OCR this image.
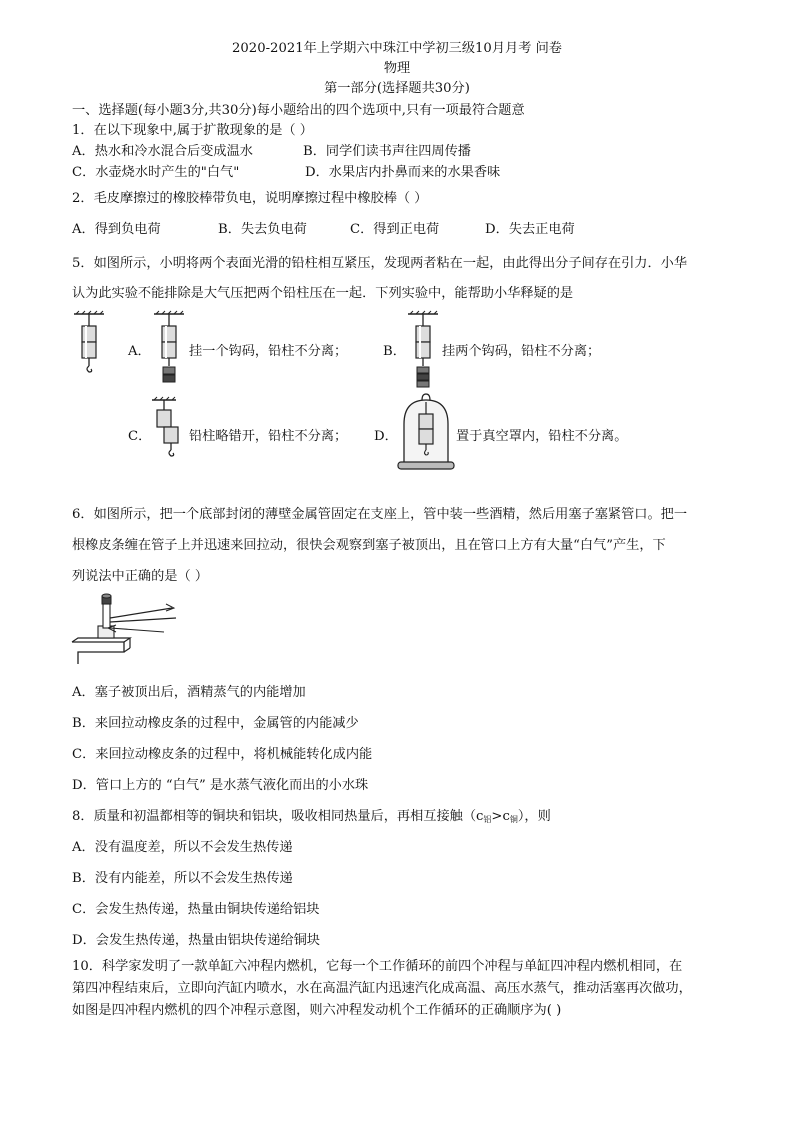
2020-2021年上学期六中珠江中学初三级10月月考 问卷
物理
第一部分(选择题共30分)
一、选择题(每小题3分,共30分)每小题给出的四个选项中,只有一项最符合题意
1．在以下现象中,属于扩散现象的是（ ）
A．热水和冷水混合后变成温水	B．同学们读书声往四周传播
C．水壶烧水时产生的"白气"	D．水果店内扑鼻而来的水果香味
2．毛皮摩擦过的橡胶棒带负电，说明摩擦过程中橡胶棒（ ）
A．得到负电荷	B．失去负电荷	C．得到正电荷	D．失去正电荷
5．如图所示，小明将两个表面光滑的铅柱相互紧压，发现两者粘在一起，由此得出分子间存在引力．小华
认为此实验不能排除是大气压把两个铅柱压在一起．下列实验中，能帮助小华释疑的是
A．	挂一个钩码，铅柱不分离；	B．	挂两个钩码，铅柱不分离；
C．	铅柱略错开，铅柱不分离； D．	置于真空罩内，铅柱不分离。
6．如图所示，把一个底部封闭的薄壁金属管固定在支座上，管中装一些酒精，然后用塞子塞紧管口。把一
根橡皮条缠在管子上并迅速来回拉动，很快会观察到塞子被顶出，且在管口上方有大量“白气”产生，下
列说法中正确的是（ ）
A．塞子被顶出后，酒精蒸气的内能增加
B．来回拉动橡皮条的过程中，金属管的内能减少
C．来回拉动橡皮条的过程中，将机械能转化成内能
D．管口上方的 “白气” 是水蒸气液化而出的小水珠
8．质量和初温都相等的铜块和铝块，吸收相同热量后，再相互接触$(c_铝>c_铜)$，则
A．没有温度差，所以不会发生热传递
B．没有内能差，所以不会发生热传递
C．会发生热传递，热量由铜块传递给铝块
D．会发生热传递，热量由铝块传递给铜块
10．科学家发明了一款单缸六冲程内燃机，它每一个工作循环的前四个冲程与单缸四冲程内燃机相同，在
第四冲程结束后，立即向汽缸内喷水，水在高温汽缸内迅速汽化成高温、高压水蒸气，推动活塞再次做功，
如图是四冲程内燃机的四个冲程示意图，则六冲程发动机个工作循环的正确顺序为( )
